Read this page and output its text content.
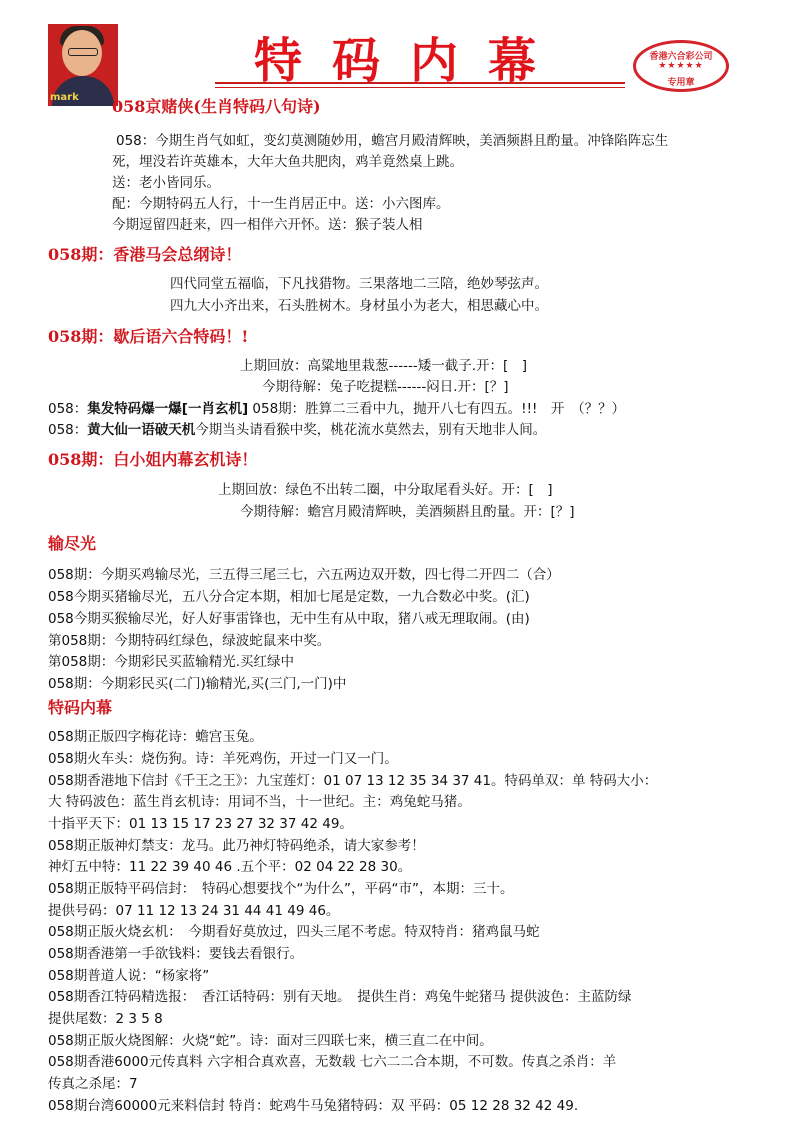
mark
特码内幕	香港六合彩公司
★★★★★
专用章
058京赌侠(生肖特码八句诗)
058：今期生肖气如虹，变幻莫测随妙用，蟾宫月殿清辉映，美酒频斟且酌量。冲锋陷阵忘生
死，埋没若许英雄本，大年大鱼共肥肉，鸡羊竟然桌上跳。
送：老小皆同乐。
配：今期特码五人行，十一生肖居正中。送：小六图库。
今期逗留四赶来，四一相伴六开怀。送：猴子装人相
058期：香港马会总纲诗！
四代同堂五福临，下凡找猎物。三果落地二三陪，绝妙琴弦声。
四九大小齐出来，石头胜树木。身材虽小为老大，相思藏心中。
058期：歇后语六合特码！!
上期回放：高粱地里栽葱------矮一截子.开：[　]
今期待解：兔子吃提糕------闷日.开：[？]
058：集发特码爆一爆[一肖玄机] 058期：胜算二三看中九，抛开八七有四五。!!!　开　（？？）
058：黄大仙一语破天机今期当头请看猴中奖，桃花流水莫然去，别有天地非人间。
058期：白小姐内幕玄机诗！
上期回放：绿色不出转二圈，中分取尾看头好。开：[　]
今期待解：蟾宫月殿清辉映，美酒频斟且酌量。开：[？]
输尽光
058期：今期买鸡输尽光，三五得三尾三七，六五两边双开数，四七得二开四二（合）
058今期买猪输尽光，五八分合定本期，相加七尾是定数，一九合数必中奖。(汇)
058今期买猴输尽光，好人好事雷锋也，无中生有从中取，猪八戒无理取闹。(由)
第058期：今期特码红绿色，绿波蛇鼠来中奖。
第058期：今期彩民买蓝输精光.买红绿中
058期：今期彩民买(二门)输精光,买(三门,一门)中
特码内幕
058期正版四字梅花诗：蟾宫玉兔。
058期火车头：烧伤狗。诗：羊死鸡伤，开过一门又一门。
058期香港地下信封《千王之王》：九宝莲灯：01 07 13 12 35 34 37 41。特码单双：单 特码大小：
大 特码波色：蓝生肖玄机诗：用词不当，十一世纪。主：鸡兔蛇马猪。
十指平天下：01 13 15 17 23 27 32 37 42 49。
058期正版神灯禁支：龙马。此乃神灯特码绝杀，请大家参考！
神灯五中特：11 22 39 40 46 .五个平：02 04 22 28 30。
058期正版特平码信封：　特码心想要找个“为什么”，平码“市”，本期：三十。
提供号码：07 11 12 13 24 31 44 41 49 46。
058期正版火烧玄机：　今期看好莫放过，四头三尾不考虑。特双特肖：猪鸡鼠马蛇
058期香港第一手欲钱料：要钱去看银行。
058期普道人说：“杨家将”
058期香江特码精选报：　香江话特码：别有天地。　提供生肖：鸡兔牛蛇猪马 提供波色：主蓝防绿
提供尾数：2 3 5 8
058期正版火烧图解：火烧“蛇”。诗：面对三四联七来，横三直二在中间。
058期香港6000元传真料 六字相合真欢喜，无数载 七六二二合本期，不可数。传真之杀肖：羊
传真之杀尾：7
058期台湾60000元来料信封 特肖：蛇鸡牛马兔猪特码：双 平码：05 12 28 32 42 49.
